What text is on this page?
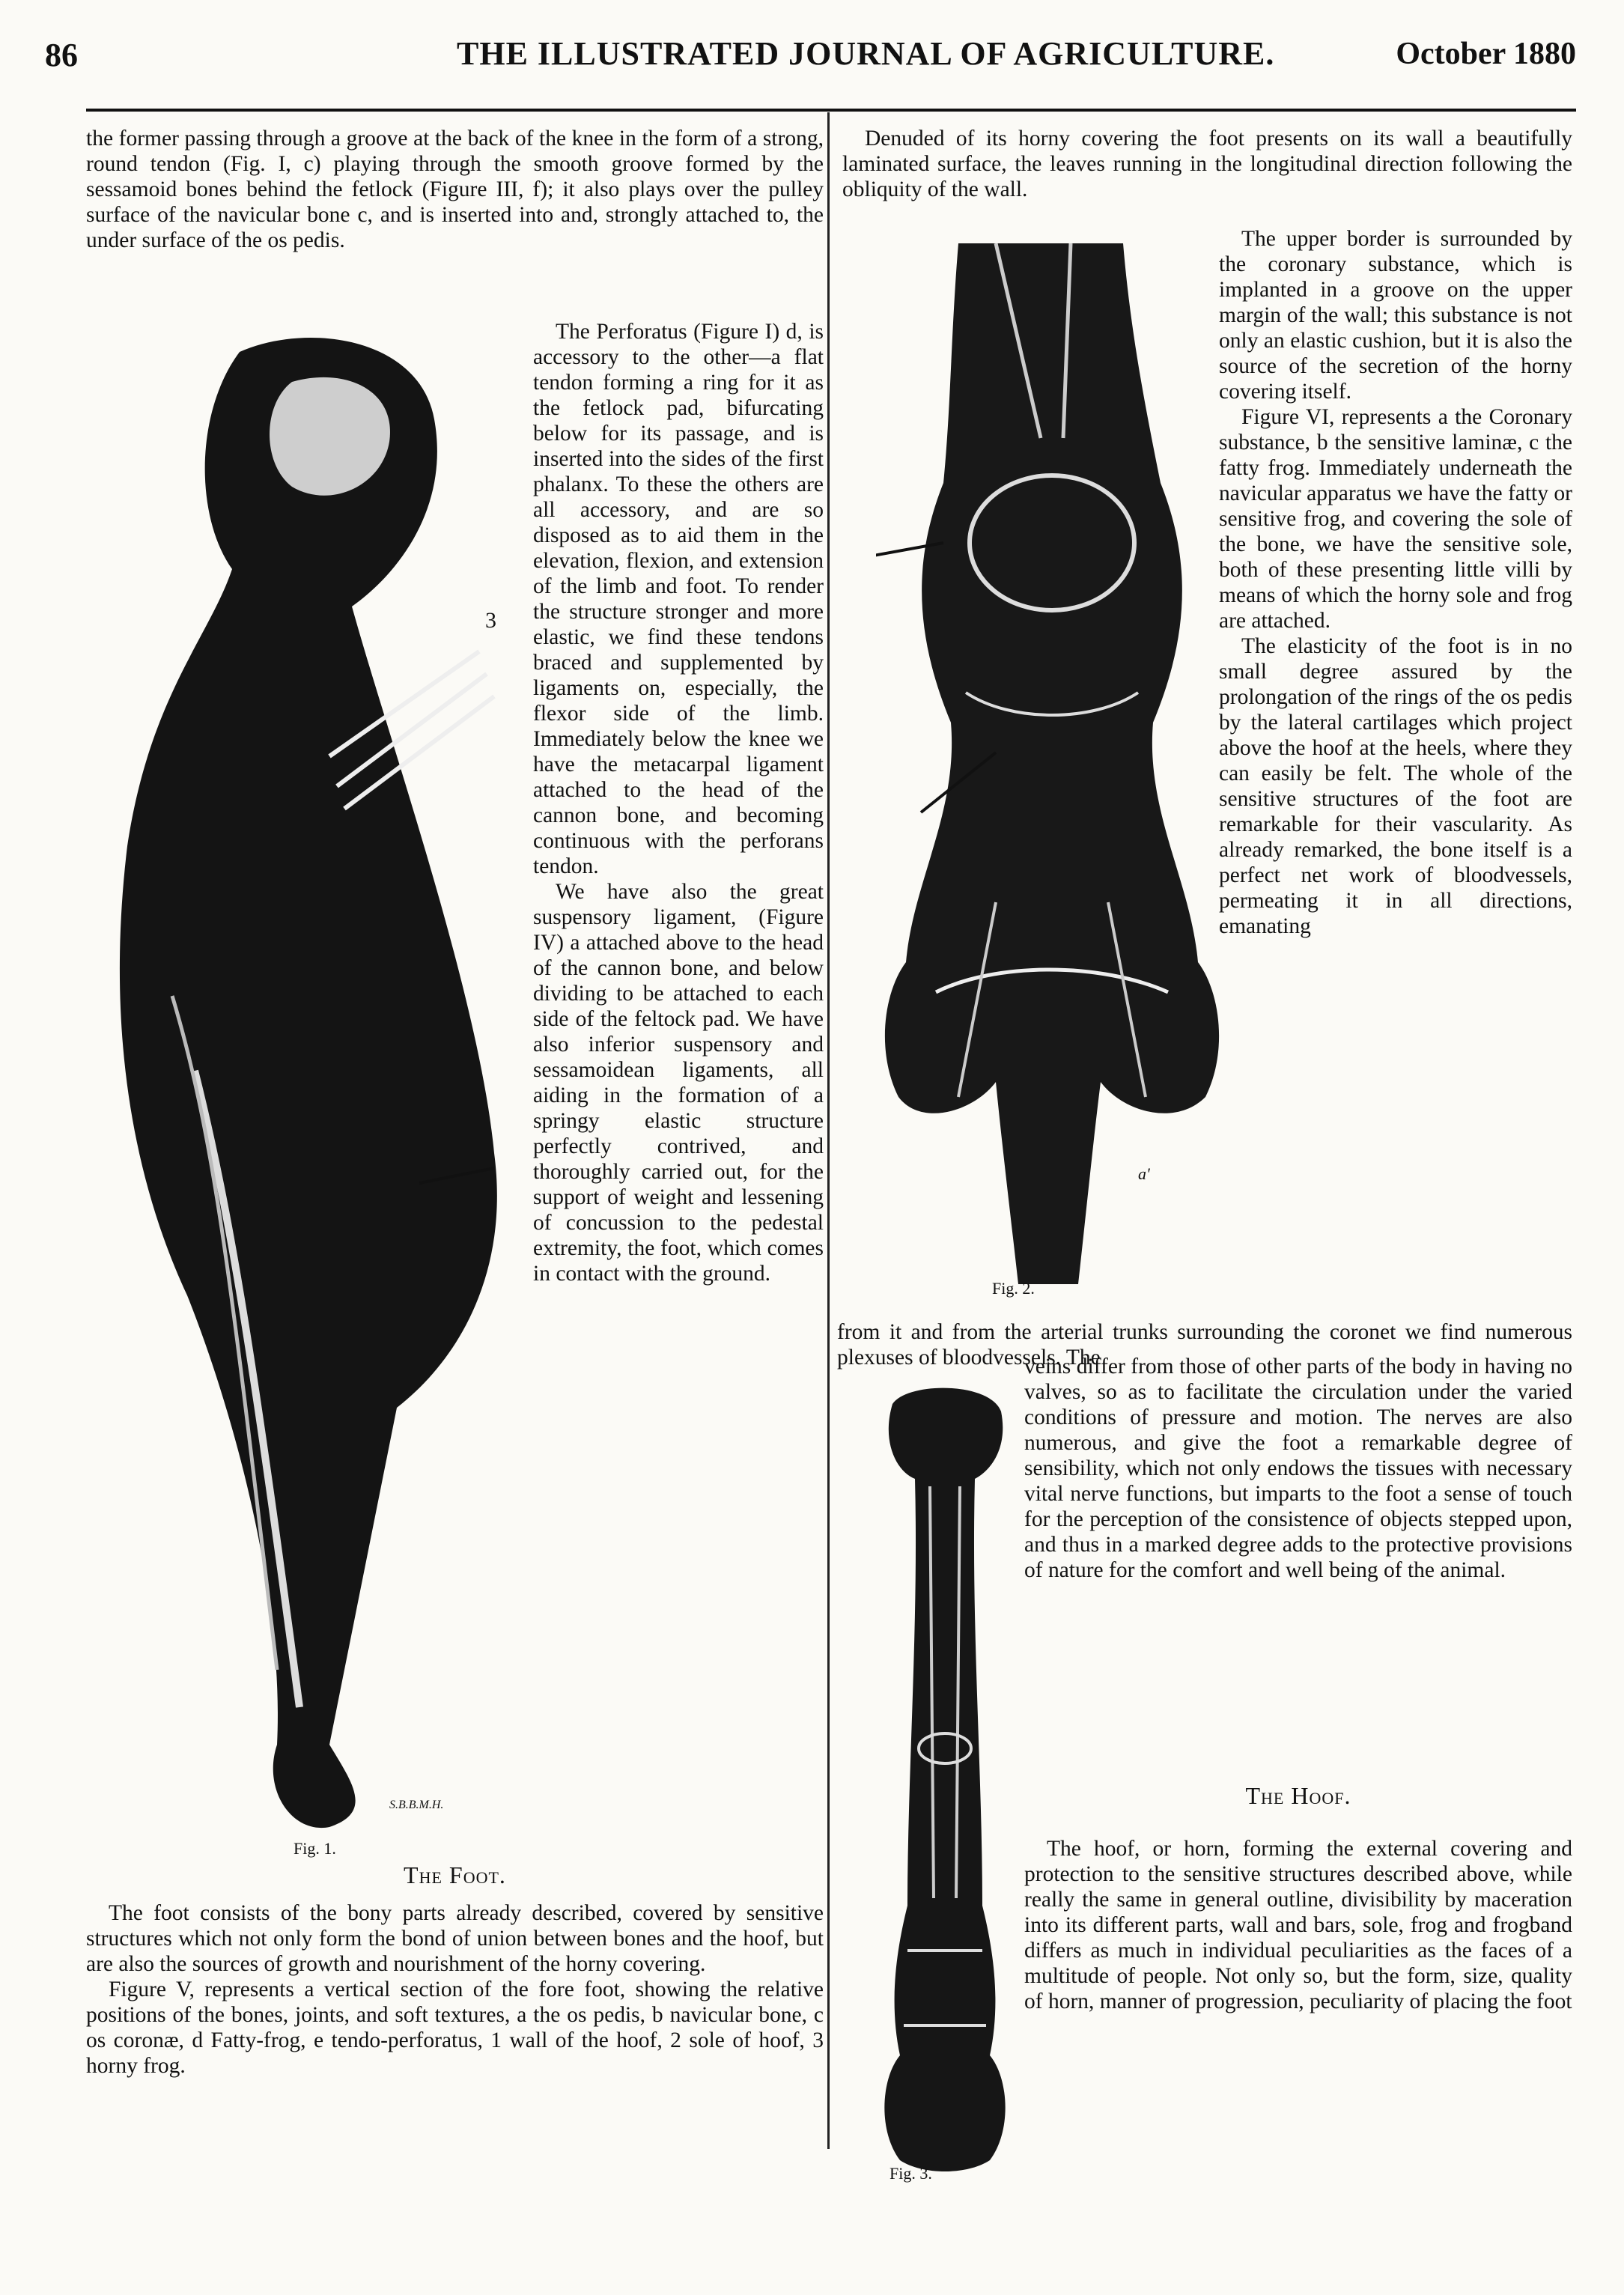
86	THE ILLUSTRATED JOURNAL OF AGRICULTURE.	October 1880

the former passing through a groove at the back of the knee in the form of a strong, round tendon (Fig. I, c) playing through the smooth groove formed by the sessamoid bones behind the fetlock (Figure III, f); it also plays over the pulley surface of the navicular bone c, and is inserted into and, strongly attached to, the under surface of the os pedis.

3
S.B.B.M.H.
Fig. 1.

The Perforatus (Figure I) d, is accessory to the other—a flat tendon forming a ring for it as the fetlock pad, bifurcating below for its passage, and is inserted into the sides of the first phalanx. To these the others are all accessory, and are so disposed as to aid them in the elevation, flexion, and extension of the limb and foot. To render the structure stronger and more elastic, we find these tendons braced and supplemented by ligaments on, especially, the flexor side of the limb. Immediately below the knee we have the metacarpal ligament attached to the head of the cannon bone, and becoming continuous with the perforans tendon.

We have also the great suspensory ligament, (Figure IV) a attached above to the head of the cannon bone, and below dividing to be attached to each side of the feltock pad. We have also inferior suspensory and sessamoidean ligaments, all aiding in the formation of a springy elastic structure perfectly contrived, and thoroughly carried out, for the support of weight and lessening of concussion to the pedestal extremity, the foot, which comes in contact with the ground.

The Foot.

The foot consists of the bony parts already described, covered by sensitive structures which not only form the bond of union between bones and the hoof, but are also the sources of growth and nourishment of the horny covering.

Figure V, represents a vertical section of the fore foot, showing the relative positions of the bones, joints, and soft textures, a the os pedis, b navicular bone, c os coronæ, d Fatty-frog, e tendo-perforatus, 1 wall of the hoof, 2 sole of hoof, 3 horny frog.

Denuded of its horny covering the foot presents on its wall a beautifully laminated surface, the leaves running in the longitudinal direction following the obliquity of the wall.

a'
Fig. 2.

The upper border is surrounded by the coronary substance, which is implanted in a groove on the upper margin of the wall; this substance is not only an elastic cushion, but it is also the source of the secretion of the horny covering itself.

Figure VI, represents a the Coronary substance, b the sensitive laminæ, c the fatty frog. Immediately underneath the navicular apparatus we have the fatty or sensitive frog, and covering the sole of the bone, we have the sensitive sole, both of these presenting little villi by means of which the horny sole and frog are attached.

The elasticity of the foot is in no small degree assured by the prolongation of the rings of the os pedis by the lateral cartilages which project above the hoof at the heels, where they can easily be felt. The whole of the sensitive structures of the foot are remarkable for their vascularity. As already remarked, the bone itself is a perfect net work of bloodvessels, permeating it in all directions, emanating

from it and from the arterial trunks surrounding the coronet we find numerous plexuses of bloodvessels. The

Fig. 3.

veins differ from those of other parts of the body in having no valves, so as to facilitate the circulation under the varied conditions of pressure and motion. The nerves are also numerous, and give the foot a remarkable degree of sensibility, which not only endows the tissues with necessary vital nerve functions, but imparts to the foot a sense of touch for the perception of the consistence of objects stepped upon, and thus in a marked degree adds to the protective provisions of nature for the comfort and well being of the animal.

The Hoof.

The hoof, or horn, forming the external covering and protection to the sensitive structures described above, while really the same in general outline, divisibility by maceration into its different parts, wall and bars, sole, frog and frogband differs as much in individual peculiarities as the faces of a multitude of people. Not only so, but the form, size, quality of horn, manner of progression, peculiarity of placing the foot
